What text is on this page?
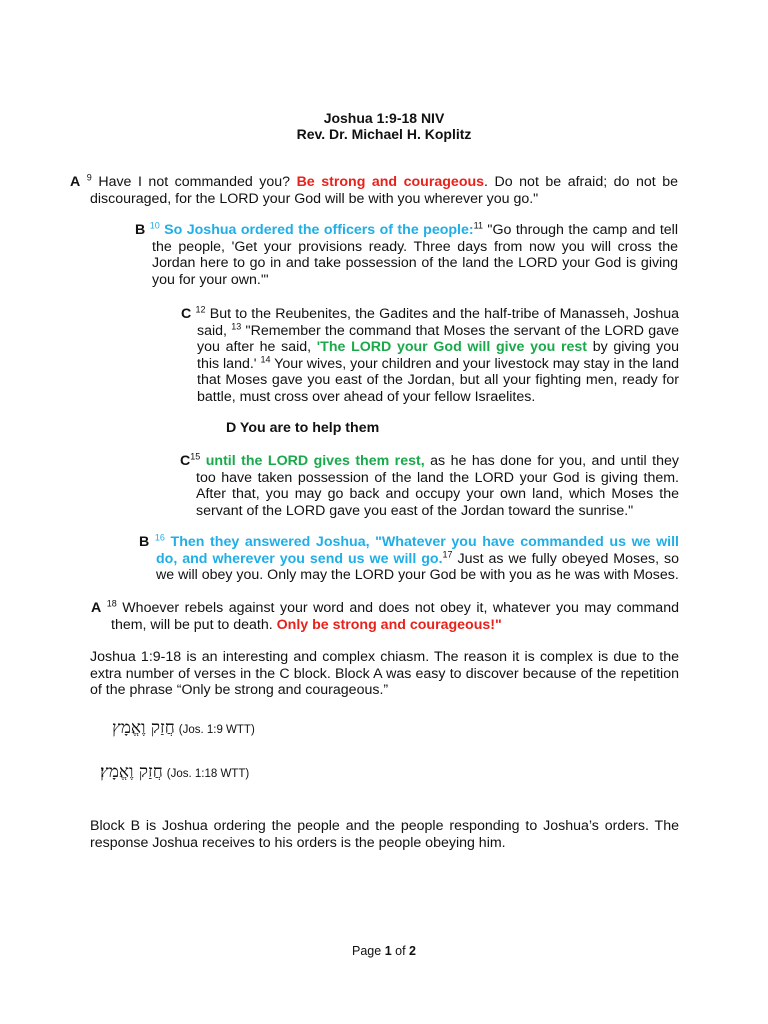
Joshua 1:9-18 NIV
Rev. Dr. Michael H. Koplitz

A $^9$ Have I not commanded you? Be strong and courageous. Do not be afraid; do not be discouraged, for the LORD your God will be with you wherever you go."

B $^{10}$ So Joshua ordered the officers of the people:$^{11}$ "Go through the camp and tell the people, 'Get your provisions ready. Three days from now you will cross the Jordan here to go in and take possession of the land the LORD your God is giving you for your own.'"

C $^{12}$ But to the Reubenites, the Gadites and the half-tribe of Manasseh, Joshua said, $^{13}$ "Remember the command that Moses the servant of the LORD gave you after he said, 'The LORD your God will give you rest by giving you this land.' $^{14}$ Your wives, your children and your livestock may stay in the land that Moses gave you east of the Jordan, but all your fighting men, ready for battle, must cross over ahead of your fellow Israelites.

D You are to help them

$C^{15}$ until the LORD gives them rest, as he has done for you, and until they too have taken possession of the land the LORD your God is giving them. After that, you may go back and occupy your own land, which Moses the servant of the LORD gave you east of the Jordan toward the sunrise."

B $^{16}$ Then they answered Joshua, "Whatever you have commanded us we will do, and wherever you send us we will go.$^{17}$ Just as we fully obeyed Moses, so we will obey you. Only may the LORD your God be with you as he was with Moses.

A $^{18}$ Whoever rebels against your word and does not obey it, whatever you may command them, will be put to death. Only be strong and courageous!"

Joshua 1:9-18 is an interesting and complex chiasm. The reason it is complex is due to the extra number of verses in the C block. Block A was easy to discover because of the repetition of the phrase “Only be strong and courageous.”

חֲזַק וֶאֱמָץ (Jos. 1:9 WTT)
חֲזַק וֶאֱמָץ׃ (Jos. 1:18 WTT)

Block B is Joshua ordering the people and the people responding to Joshua’s orders. The response Joshua receives to his orders is the people obeying him.

Page 1 of 2
